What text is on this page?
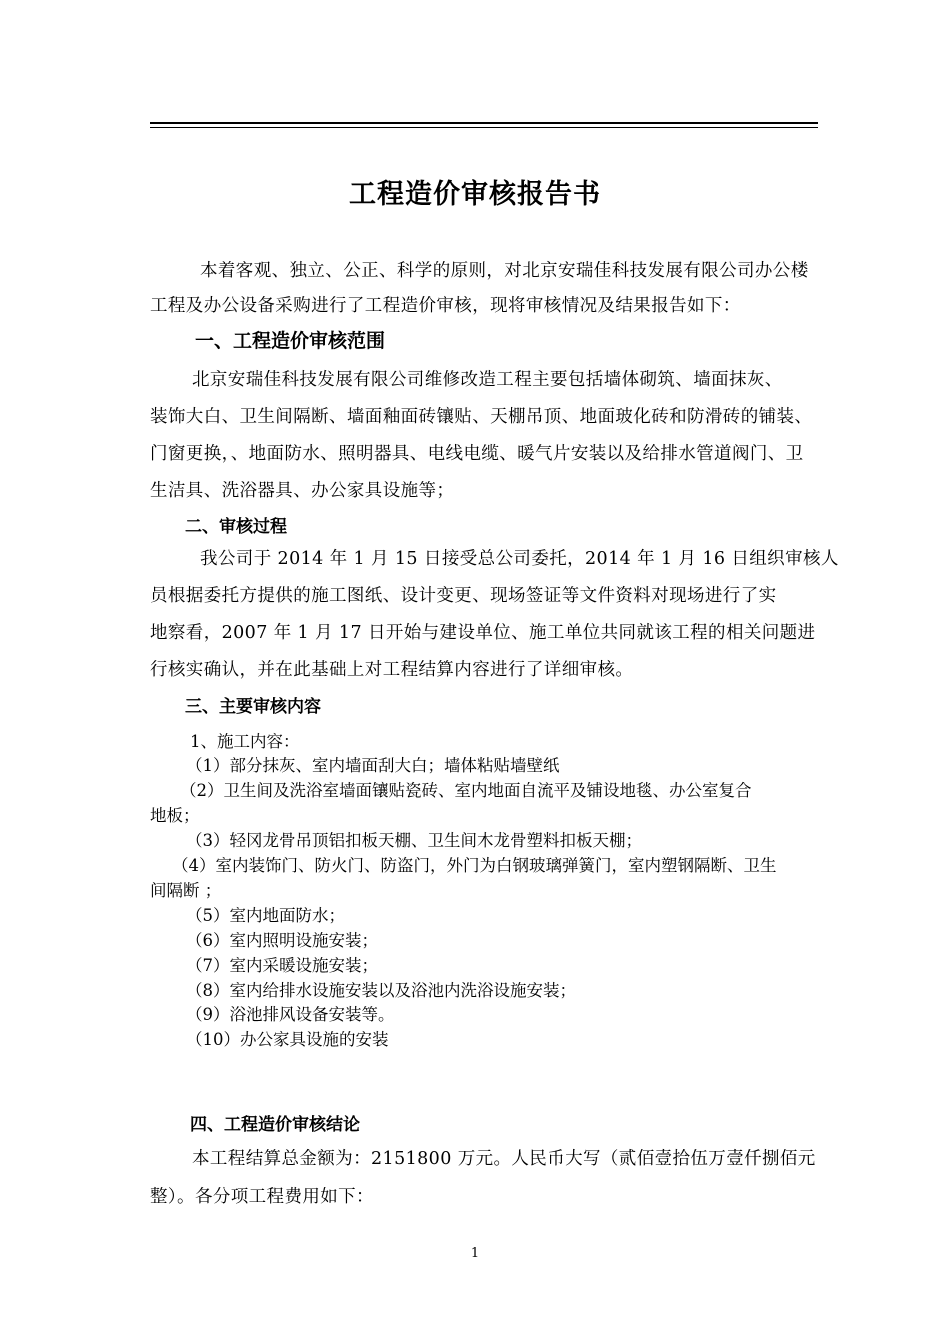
工程造价审核报告书
本着客观、独立、公正、科学的原则，对北京安瑞佳科技发展有限公司办公楼
工程及办公设备采购进行了工程造价审核，现将审核情况及结果报告如下：
一、工程造价审核范围
北京安瑞佳科技发展有限公司维修改造工程主要包括墙体砌筑、墙面抹灰、
装饰大白、卫生间隔断、墙面釉面砖镶贴、天棚吊顶、地面玻化砖和防滑砖的铺装、
门窗更换，、地面防水、照明器具、电线电缆、暖气片安装以及给排水管道阀门、卫
生洁具、洗浴器具、办公家具设施等；
二、审核过程
我公司于 2014 年 1 月 15 日接受总公司委托，2014 年 1 月 16 日组织审核人
员根据委托方提供的施工图纸、设计变更、现场签证等文件资料对现场进行了实
地察看，2007 年 1 月 17 日开始与建设单位、施工单位共同就该工程的相关问题进
行核实确认，并在此基础上对工程结算内容进行了详细审核。
三、主要审核内容
1、施工内容：
（1）部分抹灰、室内墙面刮大白；墙体粘贴墙壁纸
（2）卫生间及洗浴室墙面镶贴瓷砖、室内地面自流平及铺设地毯、办公室复合
地板；
（3）轻冈龙骨吊顶铝扣板天棚、卫生间木龙骨塑料扣板天棚；
（4）室内装饰门、防火门、防盗门，外门为白钢玻璃弹簧门，室内塑钢隔断、卫生
间隔断 ；
（5）室内地面防水；
（6）室内照明设施安装；
（7）室内采暖设施安装；
（8）室内给排水设施安装以及浴池内洗浴设施安装；
（9）浴池排风设备安装等。
（10）办公家具设施的安装
四、工程造价审核结论
本工程结算总金额为：2151800 万元。人民币大写（贰佰壹拾伍万壹仟捌佰元
整）。各分项工程费用如下：
1
